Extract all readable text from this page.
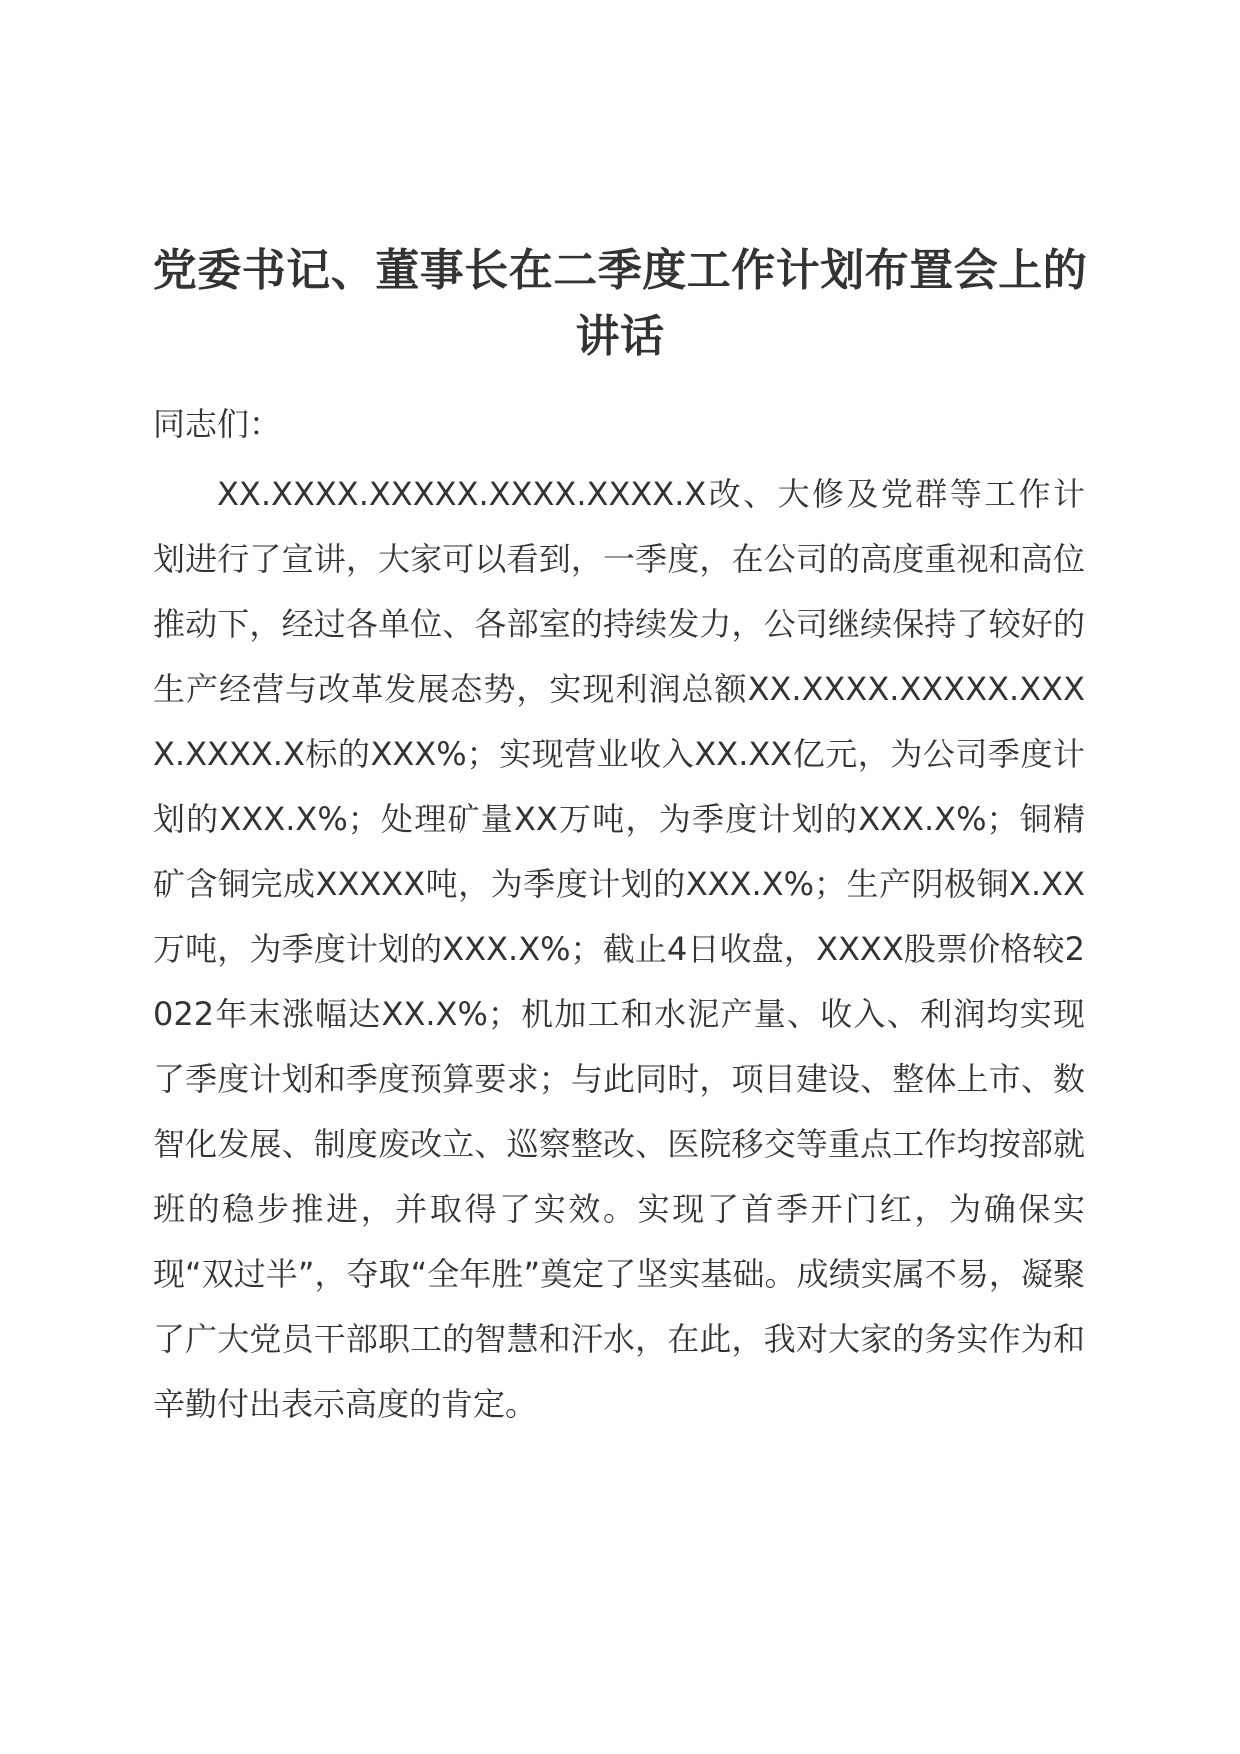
党委书记、董事长在二季度工作计划布置会上的讲话

同志们：

XX.XXXX.XXXXX.XXXX.XXXX.X改、大修及党群等工作计划进行了宣讲，大家可以看到，一季度，在公司的高度重视和高位推动下，经过各单位、各部室的持续发力，公司继续保持了较好的生产经营与改革发展态势，实现利润总额XX.XXXX.XXXXX.XXXX.XXXX.X标的XXX%；实现营业收入XX.XX亿元，为公司季度计划的XXX.X%；处理矿量XX万吨，为季度计划的XXX.X%；铜精矿含铜完成XXXXX吨，为季度计划的XXX.X%；生产阴极铜X.XX万吨，为季度计划的XXX.X%；截止4日收盘，XXXX股票价格较2022年末涨幅达XX.X%；机加工和水泥产量、收入、利润均实现了季度计划和季度预算要求；与此同时，项目建设、整体上市、数智化发展、制度废改立、巡察整改、医院移交等重点工作均按部就班的稳步推进，并取得了实效。实现了首季开门红，为确保实现“双过半”，夺取“全年胜”奠定了坚实基础。成绩实属不易，凝聚了广大党员干部职工的智慧和汗水，在此，我对大家的务实作为和辛勤付出表示高度的肯定。
